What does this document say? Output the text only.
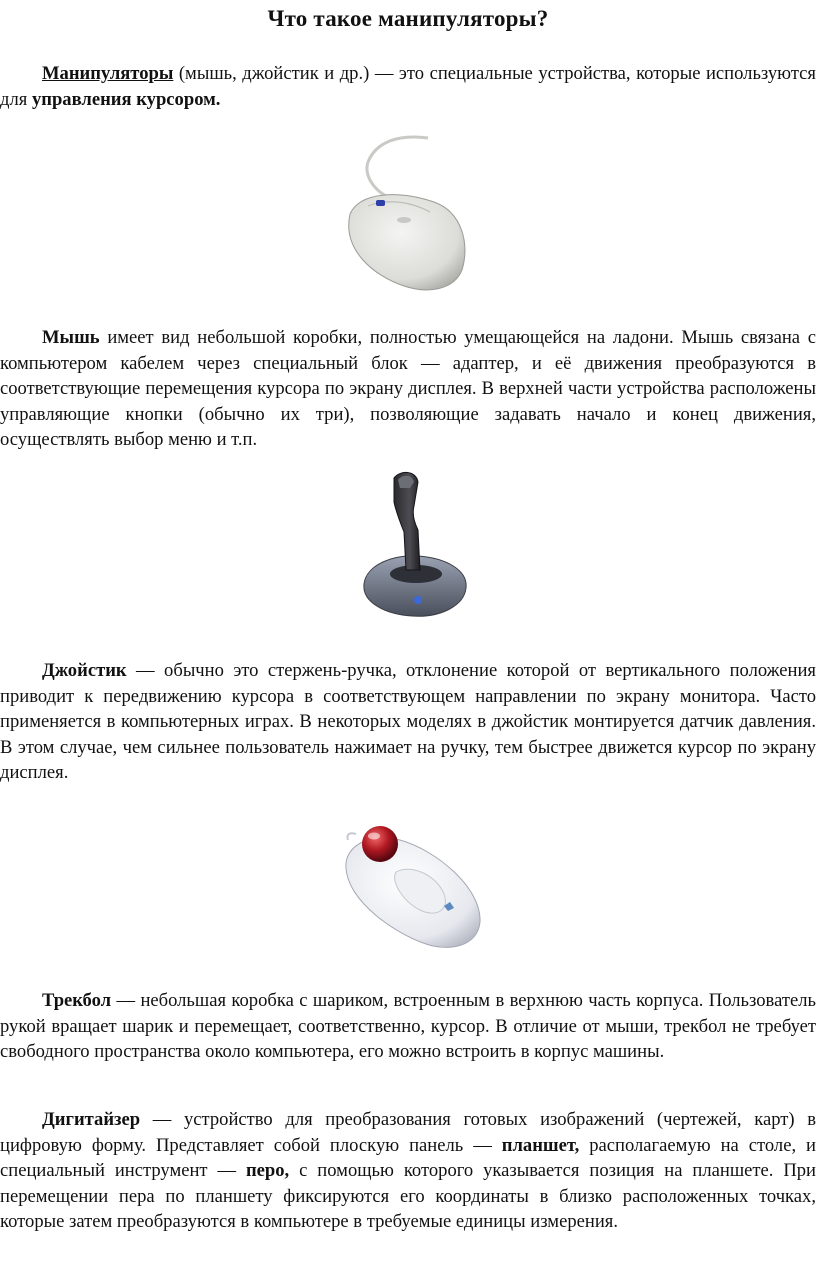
Что такое манипуляторы?

Манипуляторы (мышь, джойстик и др.) — это специальные устройства, которые используются для управления курсором.

Мышь имеет вид небольшой коробки, полностью умещающейся на ладони. Мышь связана с компьютером кабелем через специальный блок — адаптер, и её движения преобразуются в соответствующие перемещения курсора по экрану дисплея. В верхней части устройства расположены управляющие кнопки (обычно их три), позволяющие задавать начало и конец движения, осуществлять выбор меню и т.п.

Джойстик — обычно это стержень-ручка, отклонение которой от вертикального положения приводит к передвижению курсора в соответствующем направлении по экрану монитора. Часто применяется в компьютерных играх. В некоторых моделях в джойстик монтируется датчик давления. В этом случае, чем сильнее пользователь нажимает на ручку, тем быстрее движется курсор по экрану дисплея.

Трекбол — небольшая коробка с шариком, встроенным в верхнюю часть корпуса. Пользователь рукой вращает шарик и перемещает, соответственно, курсор. В отличие от мыши, трекбол не требует свободного пространства около компьютера, его можно встроить в корпус машины.

Дигитайзер — устройство для преобразования готовых изображений (чертежей, карт) в цифровую форму. Представляет собой плоскую панель — планшет, располагаемую на столе, и специальный инструмент — перо, с помощью которого указывается позиция на планшете. При перемещении пера по планшету фиксируются его координаты в близко расположенных точках, которые затем преобразуются в компьютере в требуемые единицы измерения.
